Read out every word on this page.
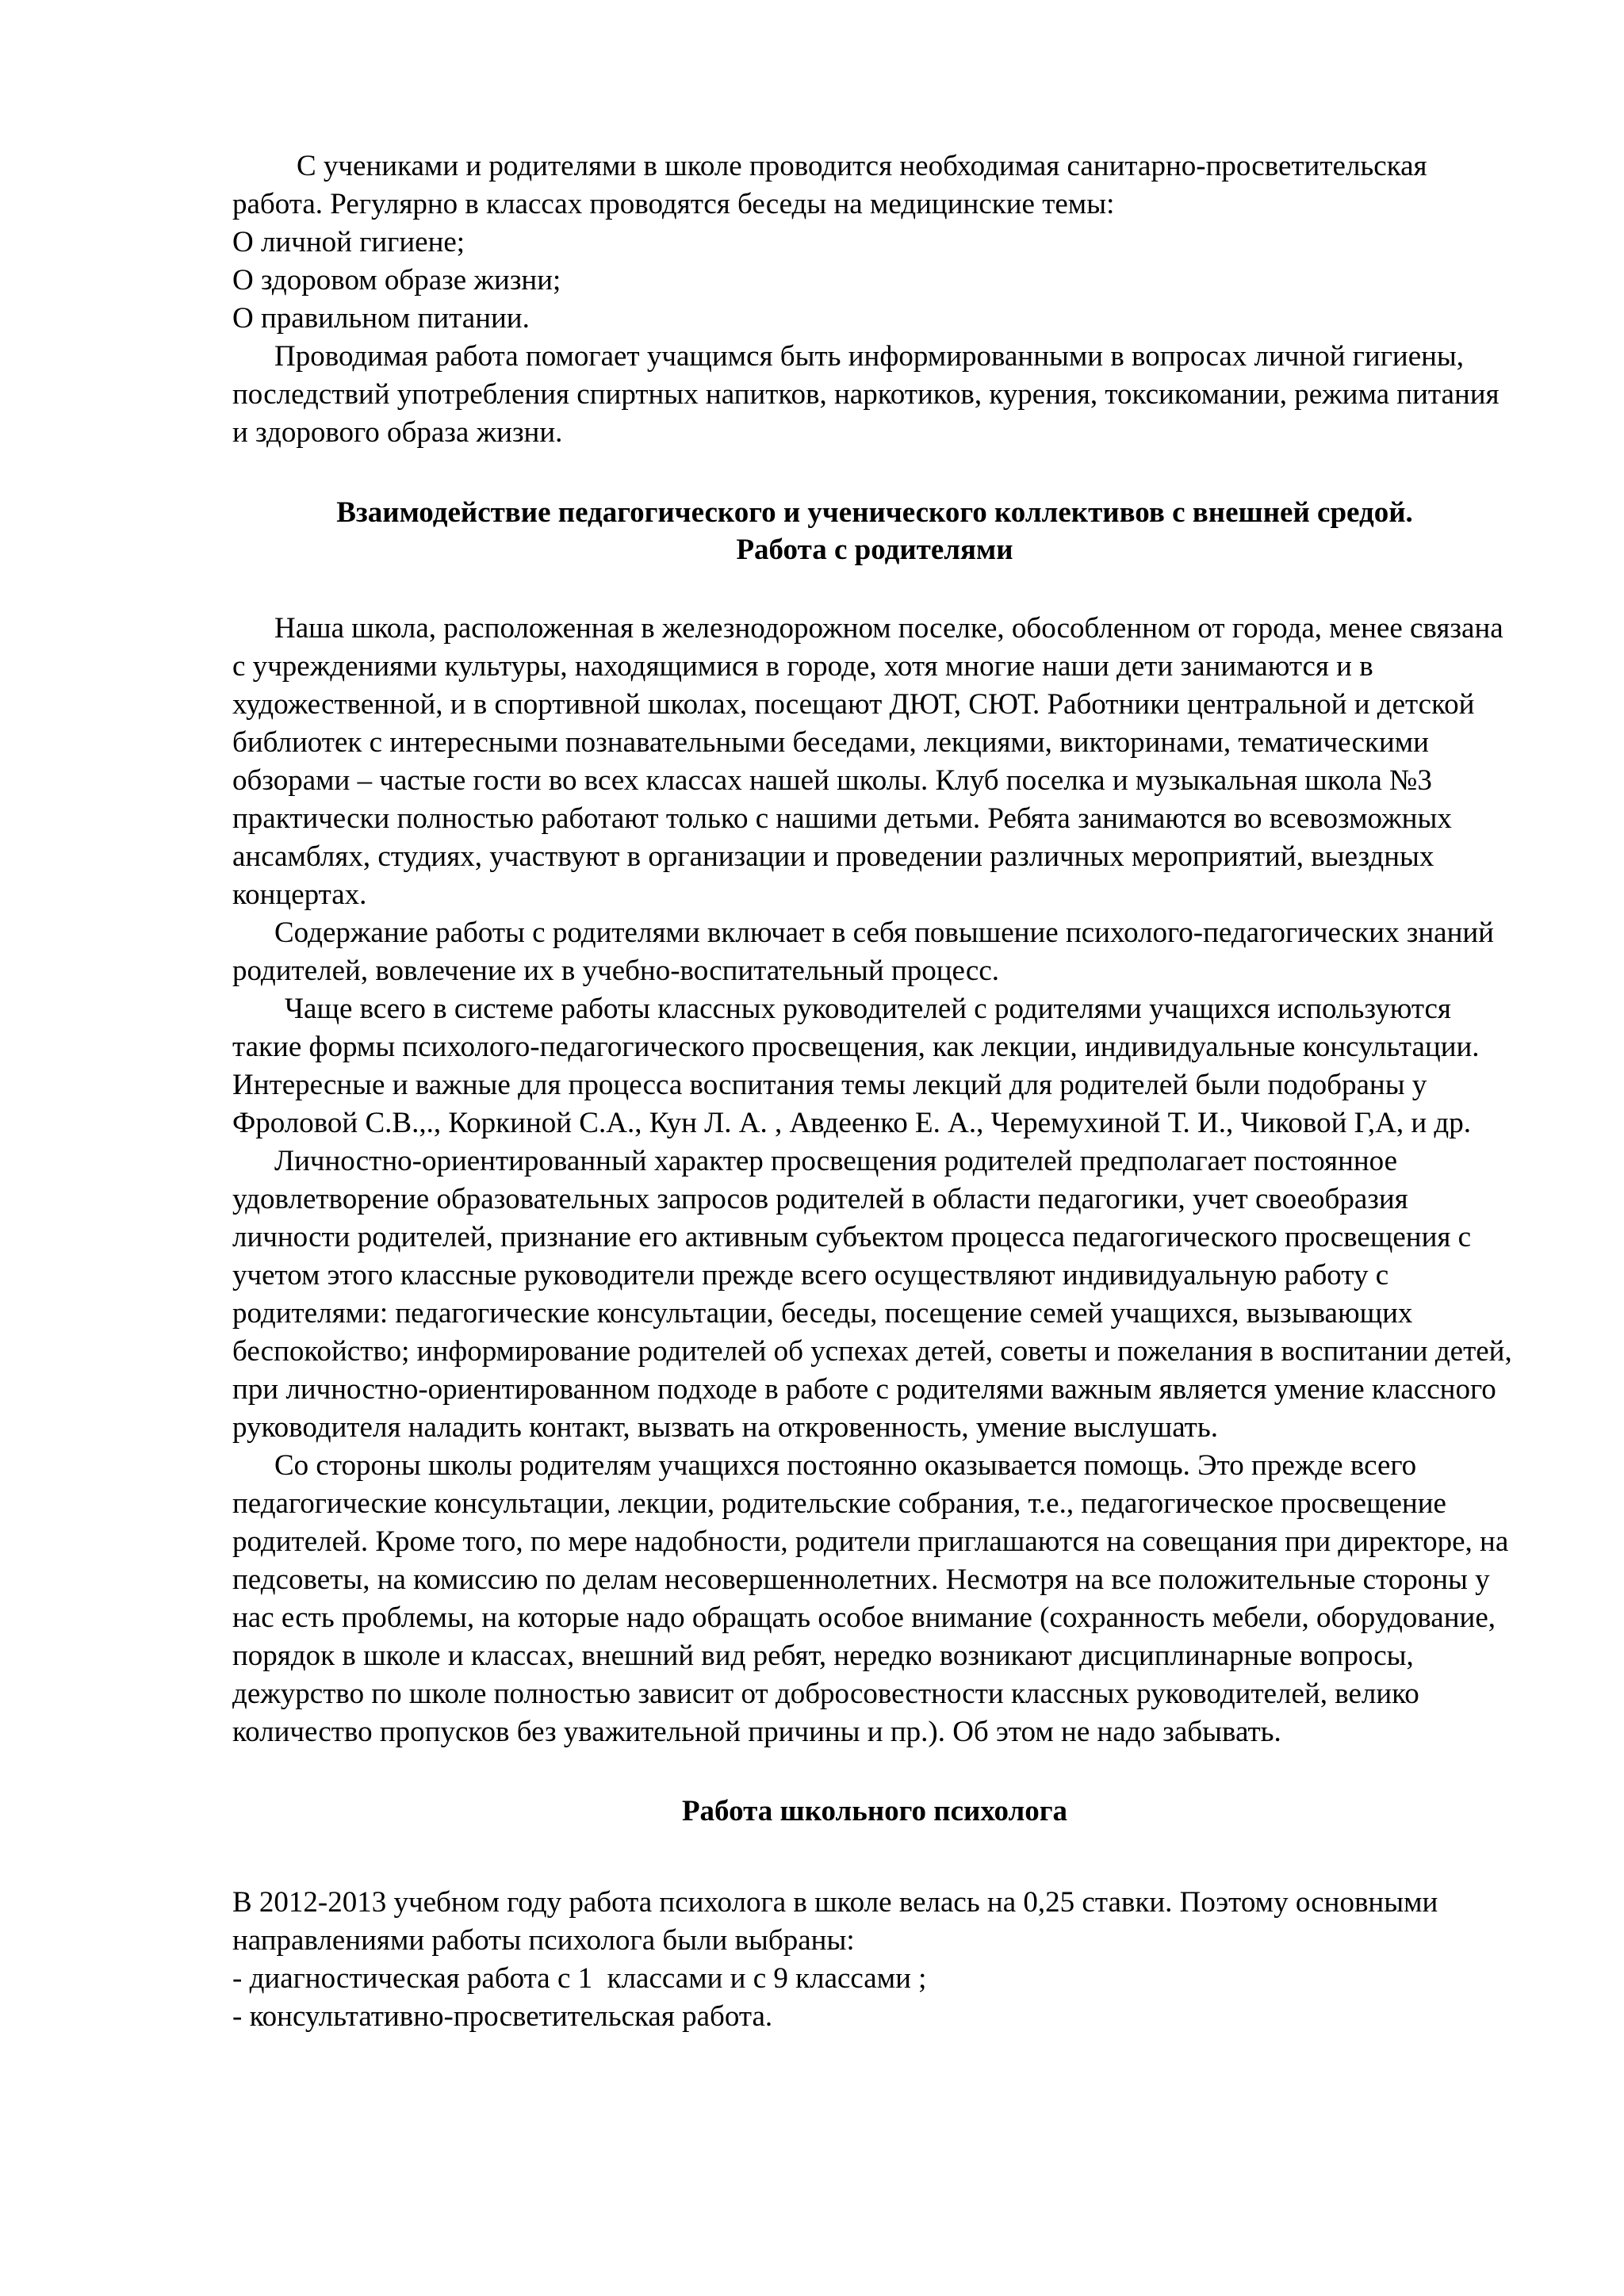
С учениками и родителями в школе проводится необходимая санитарно-просветительская работа. Регулярно в классах проводятся беседы на медицинские темы:

О личной гигиене;

О здоровом образе жизни;

О правильном питании.

Проводимая работа помогает учащимся быть информированными в вопросах личной гигиены, последствий употребления спиртных напитков, наркотиков, курения, токсикомании, режима питания и здорового образа жизни.

Взаимодействие педагогического и ученического коллективов с внешней средой.
Работа с родителями

Наша школа, расположенная в железнодорожном поселке, обособленном от города, менее связана с учреждениями культуры, находящимися в городе, хотя многие наши дети занимаются и в художественной, и в спортивной школах, посещают ДЮТ, СЮТ. Работники центральной и детской библиотек с интересными познавательными беседами, лекциями, викторинами, тематическими обзорами – частые гости во всех классах нашей школы. Клуб поселка и музыкальная школа №3 практически полностью работают только с нашими детьми. Ребята занимаются во всевозможных ансамблях, студиях, участвуют в организации и проведении различных мероприятий, выездных концертах.

Содержание работы с родителями включает в себя повышение психолого-педагогических знаний родителей, вовлечение их в учебно-воспитательный процесс.

Чаще всего в системе работы классных руководителей с родителями учащихся используются такие формы психолого-педагогического просвещения, как лекции, индивидуальные консультации. Интересные и важные для процесса воспитания темы лекций для родителей были подобраны у Фроловой С.В.,., Коркиной С.А., Кун Л. А. , Авдеенко Е. А., Черемухиной Т. И., Чиковой Г,А, и др.

Личностно-ориентированный характер просвещения родителей предполагает постоянное удовлетворение образовательных запросов родителей в области педагогики, учет своеобразия личности родителей, признание его активным субъектом процесса педагогического просвещения с учетом этого классные руководители прежде всего осуществляют индивидуальную работу с родителями: педагогические консультации, беседы, посещение семей учащихся, вызывающих беспокойство; информирование родителей об успехах детей, советы и пожелания в воспитании детей, при личностно-ориентированном подходе в работе с родителями важным является умение классного руководителя наладить контакт, вызвать на откровенность, умение выслушать.

Со стороны школы родителям учащихся постоянно оказывается помощь. Это прежде всего педагогические консультации, лекции, родительские собрания, т.е., педагогическое просвещение родителей. Кроме того, по мере надобности, родители приглашаются на совещания при директоре, на педсоветы, на комиссию по делам несовершеннолетних. Несмотря на все положительные стороны у нас есть проблемы, на которые надо обращать особое внимание (сохранность мебели, оборудование, порядок в школе и классах, внешний вид ребят, нередко возникают дисциплинарные вопросы, дежурство по школе полностью зависит от добросовестности классных руководителей, велико количество пропусков без уважительной причины и пр.). Об этом не надо забывать.

Работа школьного психолога

В 2012-2013 учебном году работа психолога в школе велась на 0,25 ставки. Поэтому основными направлениями работы психолога были выбраны:

- диагностическая работа с 1  классами и с 9 классами ;

- консультативно-просветительская работа.
